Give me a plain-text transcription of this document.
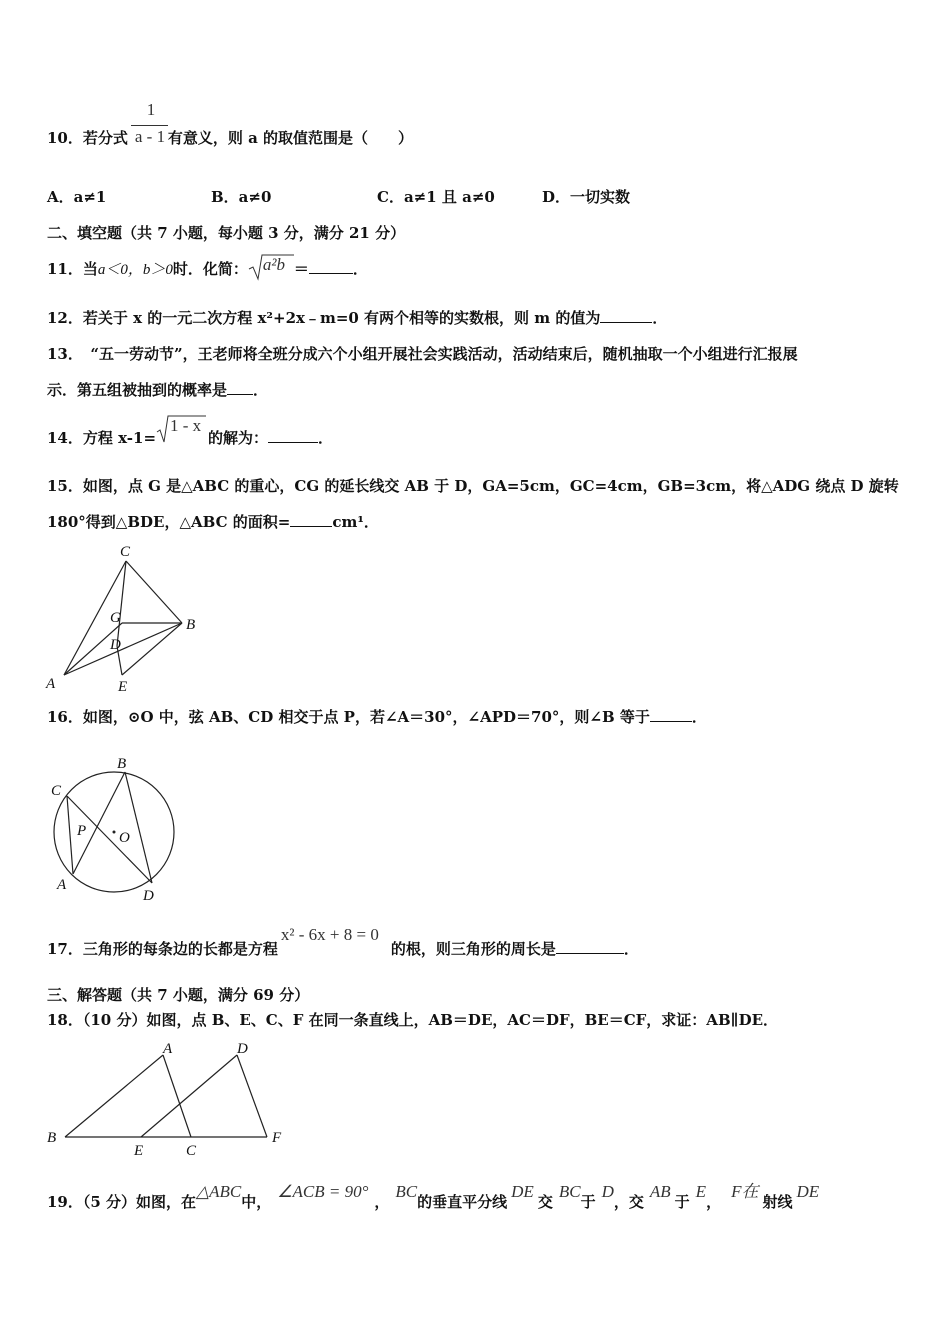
1
a - 1
10．若分式	有意义，则 a 的取值范围是（　　）
A．a≠1	B．a≠0	C．a≠1 且 a≠0	D．一切实数
二、填空题（共 7 小题，每小题 3 分，满分 21 分）
11．当a＜0，b＞0时．化简： a²b ＝	．
12．若关于 x 的一元二次方程 x²+2x﹣m=0 有两个相等的实数根，则 m 的值为	．
13．　“五一劳动节”，王老师将全班分成六个小组开展社会实践活动，活动结束后，随机抽取一个小组进行汇报展
示．第五组被抽到的概率是 ．
14．方程 x-1=
1 - x
的解为：	．
15．如图，点 G 是△ABC 的重心，CG 的延长线交 AB 于 D，GA=5cm，GC=4cm，GB=3cm，将△ADG 绕点 D 旋转
180°得到△BDE，△ABC 的面积=	cm¹．
C
G	B
D
A	E
16．如图，⊙O 中，弦 AB、CD 相交于点 P，若∠A＝30°，∠APD＝70°，则∠B 等于	．
B
C
P O
A
D
17．三角形的每条边的长都是方程
x² - 6x + 8 = 0
的根，则三角形的周长是	．
三、解答题（共 7 小题，满分 69 分）
18．（10 分）如图，点 B、E、C、F 在同一条直线上，AB＝DE，AC＝DF，BE＝CF，求证：AB∥DE．
A	D
B
E	C
F
19．（5 分）如图，在△ABC中，∠ACB = 90°，BC的垂直平分线DE交BC于D，交AB于E，F在射线DE
